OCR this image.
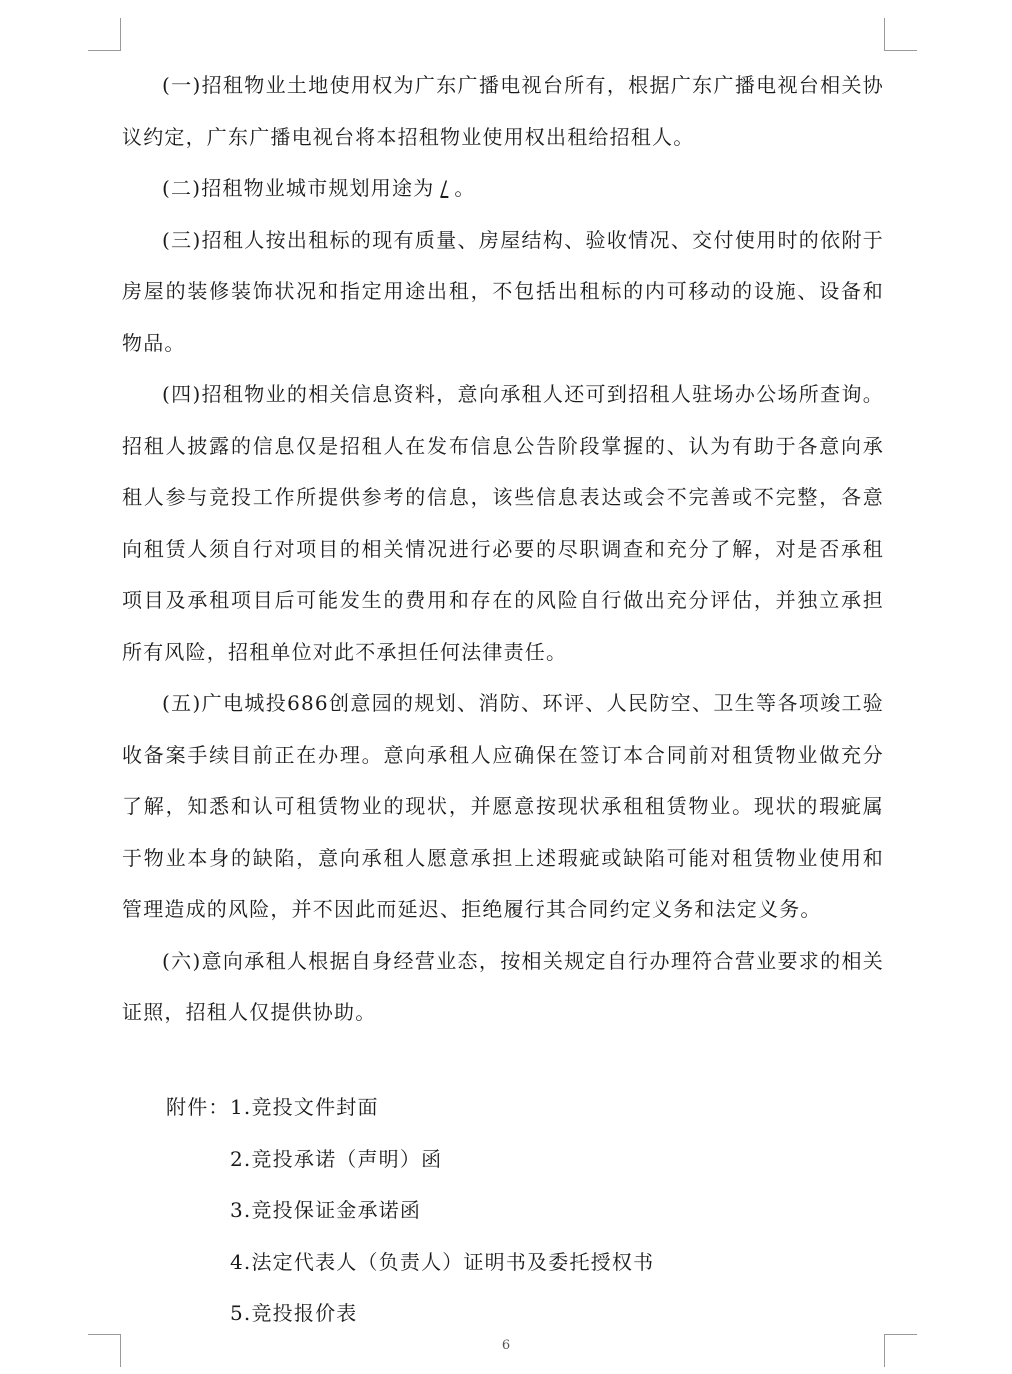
(一)招租物业土地使用权为广东广播电视台所有，根据广东广播电视台相关协议约定，广东广播电视台将本招租物业使用权出租给招租人。

(二)招租物业城市规划用途为 / 。

(三)招租人按出租标的现有质量、房屋结构、验收情况、交付使用时的依附于房屋的装修装饰状况和指定用途出租，不包括出租标的内可移动的设施、设备和物品。

(四)招租物业的相关信息资料，意向承租人还可到招租人驻场办公场所查询。招租人披露的信息仅是招租人在发布信息公告阶段掌握的、认为有助于各意向承租人参与竞投工作所提供参考的信息，该些信息表达或会不完善或不完整，各意向租赁人须自行对项目的相关情况进行必要的尽职调查和充分了解，对是否承租项目及承租项目后可能发生的费用和存在的风险自行做出充分评估，并独立承担所有风险，招租单位对此不承担任何法律责任。

(五)广电城投686创意园的规划、消防、环评、人民防空、卫生等各项竣工验收备案手续目前正在办理。意向承租人应确保在签订本合同前对租赁物业做充分了解，知悉和认可租赁物业的现状，并愿意按现状承租租赁物业。现状的瑕疵属于物业本身的缺陷，意向承租人愿意承担上述瑕疵或缺陷可能对租赁物业使用和管理造成的风险，并不因此而延迟、拒绝履行其合同约定义务和法定义务。

(六)意向承租人根据自身经营业态，按相关规定自行办理符合营业要求的相关证照，招租人仅提供协助。

附件： 1.竞投文件封面
2.竞投承诺（声明）函
3.竞投保证金承诺函
4.法定代表人（负责人）证明书及委托授权书
5.竞投报价表
6
